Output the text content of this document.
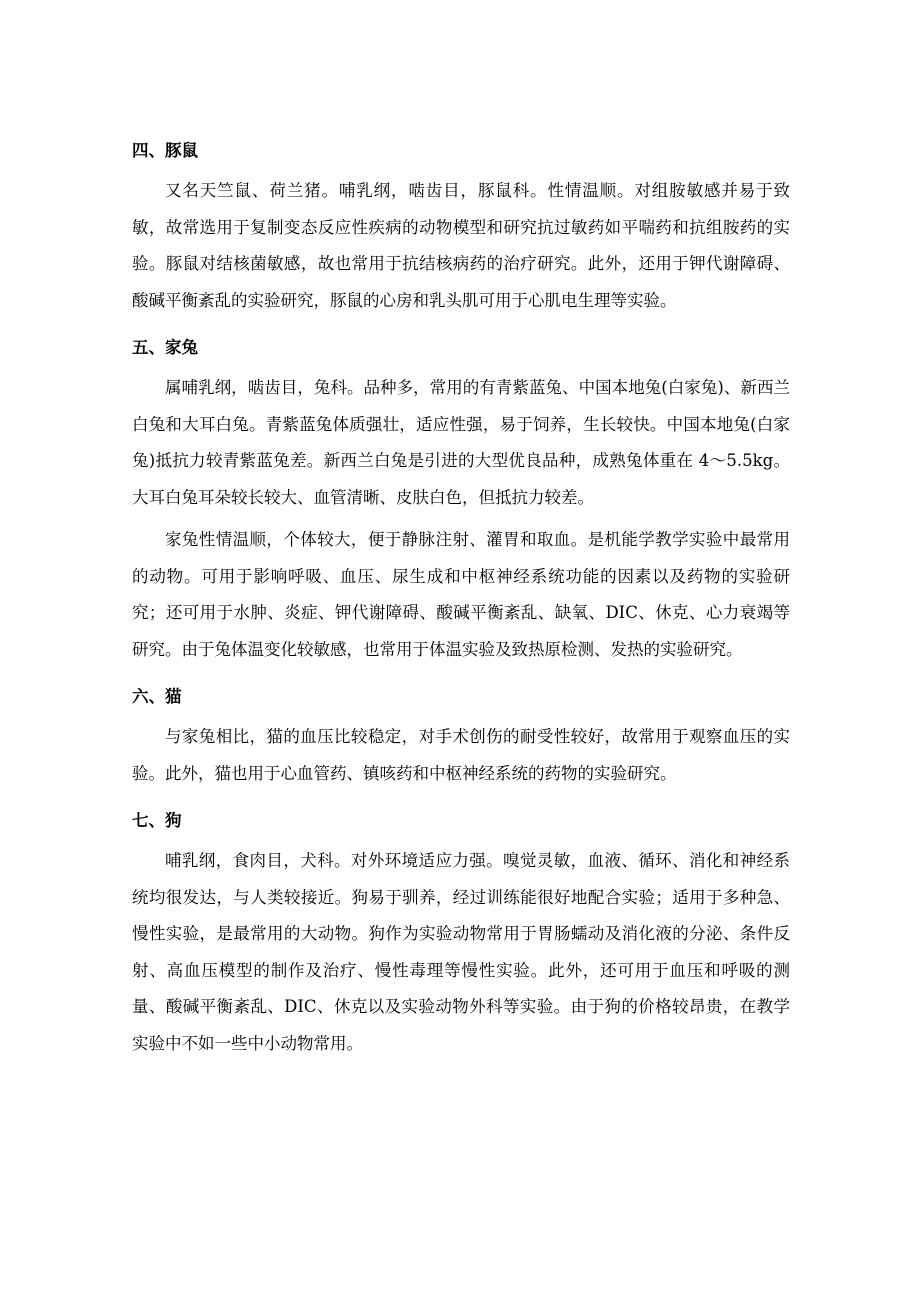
四、豚鼠

又名天竺鼠、荷兰猪。哺乳纲，啮齿目，豚鼠科。性情温顺。对组胺敏感并易于致敏，故常选用于复制变态反应性疾病的动物模型和研究抗过敏药如平喘药和抗组胺药的实验。豚鼠对结核菌敏感，故也常用于抗结核病药的治疗研究。此外，还用于钾代谢障碍、酸碱平衡紊乱的实验研究，豚鼠的心房和乳头肌可用于心肌电生理等实验。

五、家兔

属哺乳纲，啮齿目，兔科。品种多，常用的有青紫蓝兔、中国本地兔(白家兔)、新西兰白兔和大耳白兔。青紫蓝兔体质强壮，适应性强，易于饲养，生长较快。中国本地兔(白家兔)抵抗力较青紫蓝兔差。新西兰白兔是引进的大型优良品种，成熟兔体重在 4～5.5kg。大耳白兔耳朵较长较大、血管清晰、皮肤白色，但抵抗力较差。

家兔性情温顺，个体较大，便于静脉注射、灌胃和取血。是机能学教学实验中最常用的动物。可用于影响呼吸、血压、尿生成和中枢神经系统功能的因素以及药物的实验研究；还可用于水肿、炎症、钾代谢障碍、酸碱平衡紊乱、缺氧、DIC、休克、心力衰竭等研究。由于兔体温变化较敏感，也常用于体温实验及致热原检测、发热的实验研究。

六、猫

与家兔相比，猫的血压比较稳定，对手术创伤的耐受性较好，故常用于观察血压的实验。此外，猫也用于心血管药、镇咳药和中枢神经系统的药物的实验研究。

七、狗

哺乳纲，食肉目，犬科。对外环境适应力强。嗅觉灵敏，血液、循环、消化和神经系统均很发达，与人类较接近。狗易于驯养，经过训练能很好地配合实验；适用于多种急、慢性实验，是最常用的大动物。狗作为实验动物常用于胃肠蠕动及消化液的分泌、条件反射、高血压模型的制作及治疗、慢性毒理等慢性实验。此外，还可用于血压和呼吸的测量、酸碱平衡紊乱、DIC、休克以及实验动物外科等实验。由于狗的价格较昂贵，在教学实验中不如一些中小动物常用。
